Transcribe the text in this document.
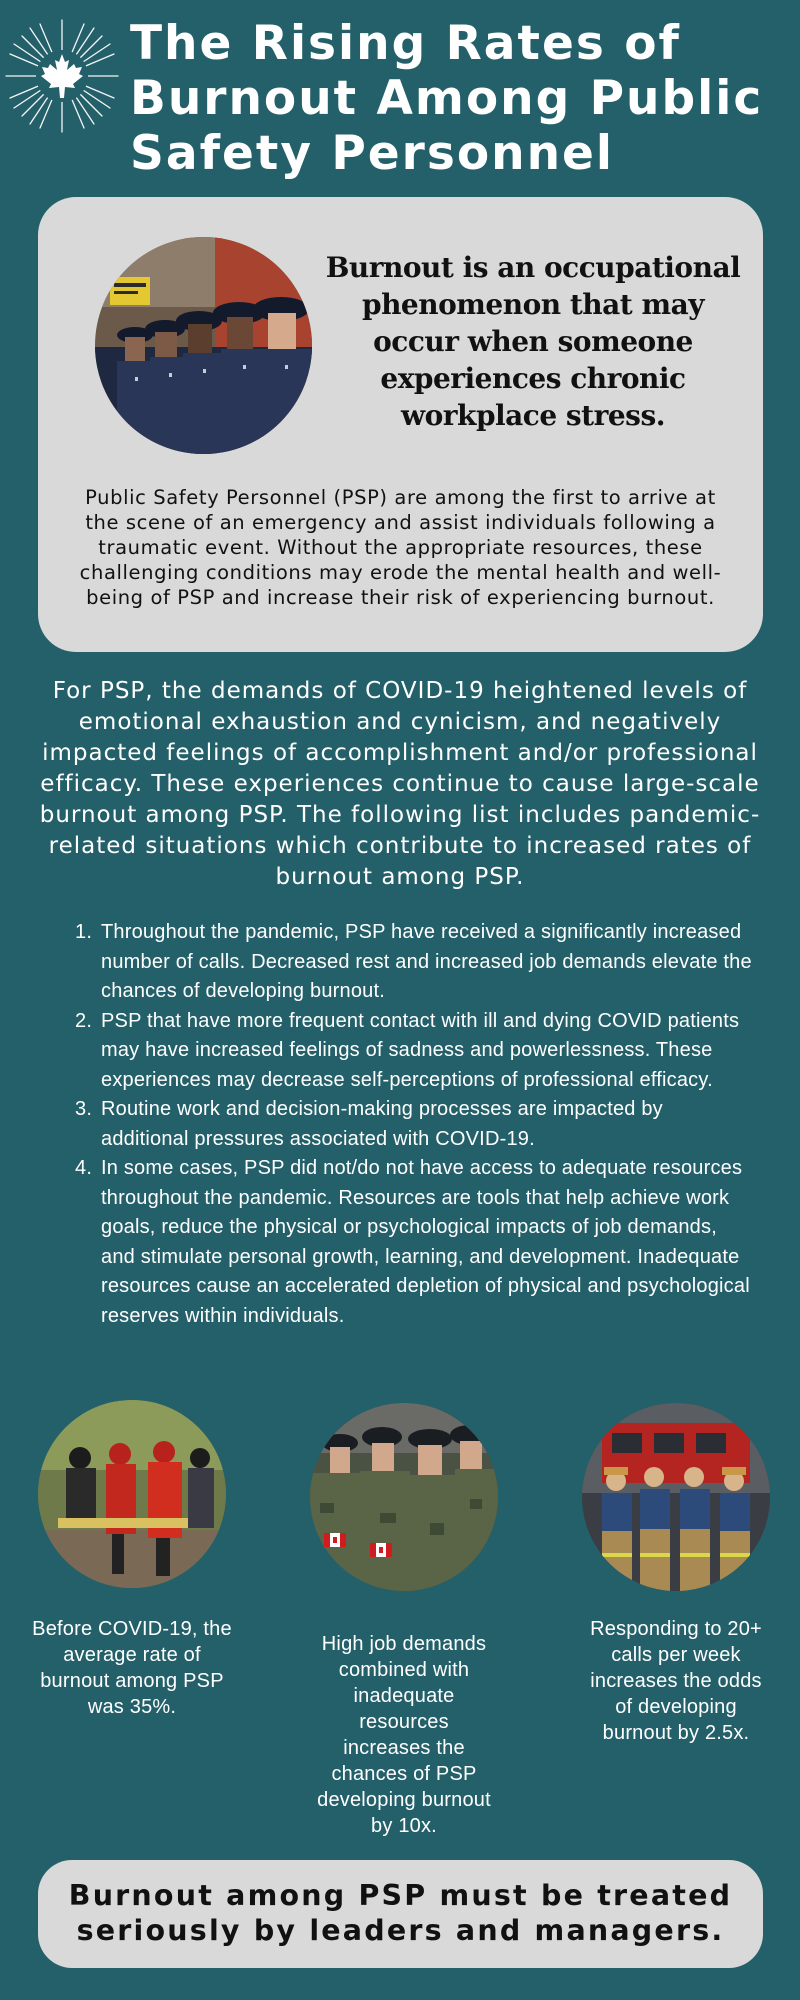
The Rising Rates of Burnout Among Public Safety Personnel

Burnout is an occupational phenomenon that may occur when someone experiences chronic workplace stress.

Public Safety Personnel (PSP) are among the first to arrive at the scene of an emergency and assist individuals following a traumatic event. Without the appropriate resources, these challenging conditions may erode the mental health and well-being of PSP and increase their risk of experiencing burnout.

For PSP, the demands of COVID-19 heightened levels of emotional exhaustion and cynicism, and negatively impacted feelings of accomplishment and/or professional efficacy. These experiences continue to cause large-scale burnout among PSP. The following list includes pandemic-related situations which contribute to increased rates of burnout among PSP.

1. Throughout the pandemic, PSP have received a significantly increased number of calls. Decreased rest and increased job demands elevate the chances of developing burnout.
2. PSP that have more frequent contact with ill and dying COVID patients may have increased feelings of sadness and powerlessness. These experiences may decrease self-perceptions of professional efficacy.
3. Routine work and decision-making processes are impacted by additional pressures associated with COVID-19.
4. In some cases, PSP did not/do not have access to adequate resources throughout the pandemic. Resources are tools that help achieve work goals, reduce the physical or psychological impacts of job demands, and stimulate personal growth, learning, and development. Inadequate resources cause an accelerated depletion of physical and psychological reserves within individuals.
Before COVID-19, the average rate of burnout among PSP was 35%.
High job demands combined with inadequate resources increases the chances of PSP developing burnout by 10x.
Responding to 20+ calls per week increases the odds of developing burnout by 2.5x.

Burnout among PSP must be treated seriously by leaders and managers.
